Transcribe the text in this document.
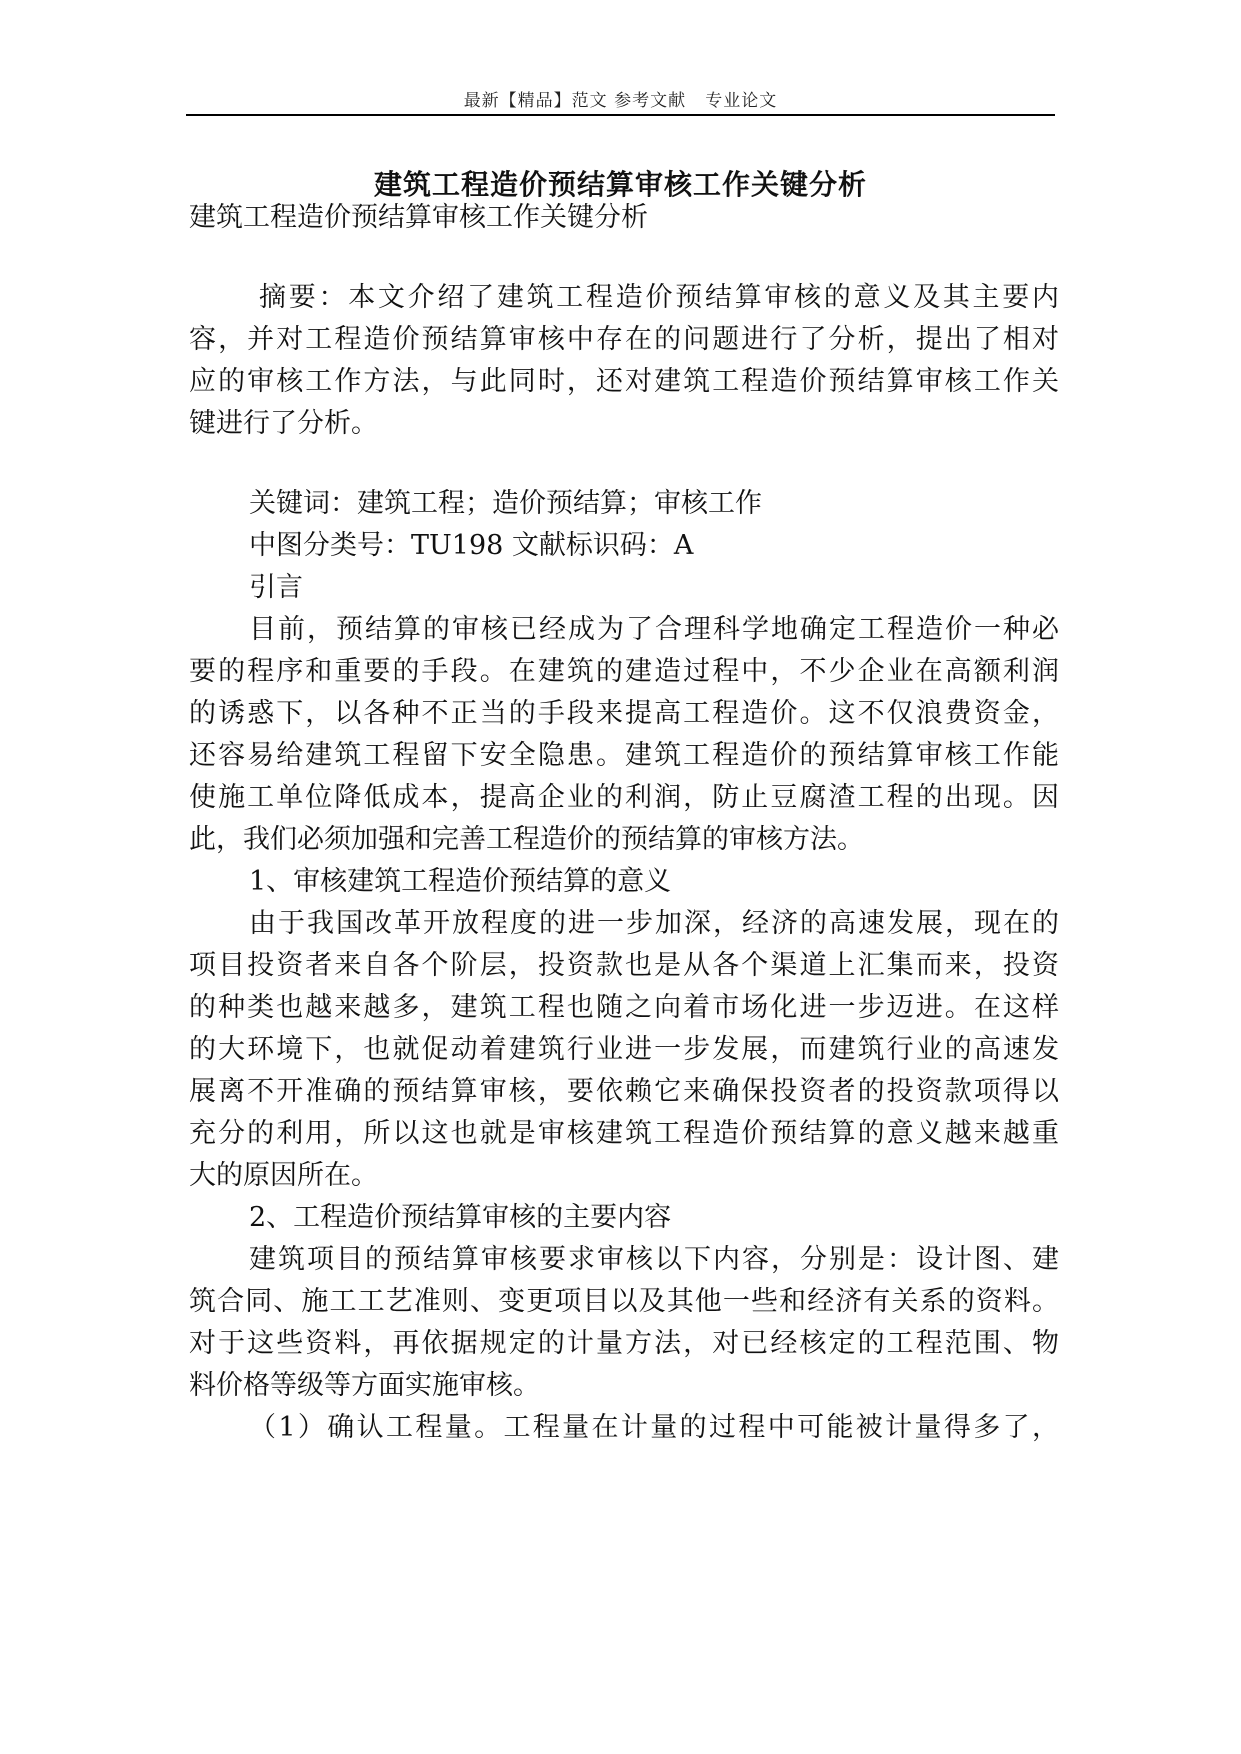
最新【精品】范文 参考文献   专业论文
建筑工程造价预结算审核工作关键分析
建筑工程造价预结算审核工作关键分析
摘要：本文介绍了建筑工程造价预结算审核的意义及其主要内
容，并对工程造价预结算审核中存在的问题进行了分析，提出了相对
应的审核工作方法，与此同时，还对建筑工程造价预结算审核工作关
键进行了分析。
关键词：建筑工程；造价预结算；审核工作
中图分类号：TU198 文献标识码：A
引言
目前，预结算的审核已经成为了合理科学地确定工程造价一种必
要的程序和重要的手段。在建筑的建造过程中，不少企业在高额利润
的诱惑下，以各种不正当的手段来提高工程造价。这不仅浪费资金，
还容易给建筑工程留下安全隐患。建筑工程造价的预结算审核工作能
使施工单位降低成本，提高企业的利润，防止豆腐渣工程的出现。因
此，我们必须加强和完善工程造价的预结算的审核方法。
1、审核建筑工程造价预结算的意义
由于我国改革开放程度的进一步加深，经济的高速发展，现在的
项目投资者来自各个阶层，投资款也是从各个渠道上汇集而来，投资
的种类也越来越多，建筑工程也随之向着市场化进一步迈进。在这样
的大环境下，也就促动着建筑行业进一步发展，而建筑行业的高速发
展离不开准确的预结算审核，要依赖它来确保投资者的投资款项得以
充分的利用，所以这也就是审核建筑工程造价预结算的意义越来越重
大的原因所在。
2、工程造价预结算审核的主要内容
建筑项目的预结算审核要求审核以下内容，分别是：设计图、建
筑合同、施工工艺准则、变更项目以及其他一些和经济有关系的资料。
对于这些资料，再依据规定的计量方法，对已经核定的工程范围、物
料价格等级等方面实施审核。
（1）确认工程量。工程量在计量的过程中可能被计量得多了，
